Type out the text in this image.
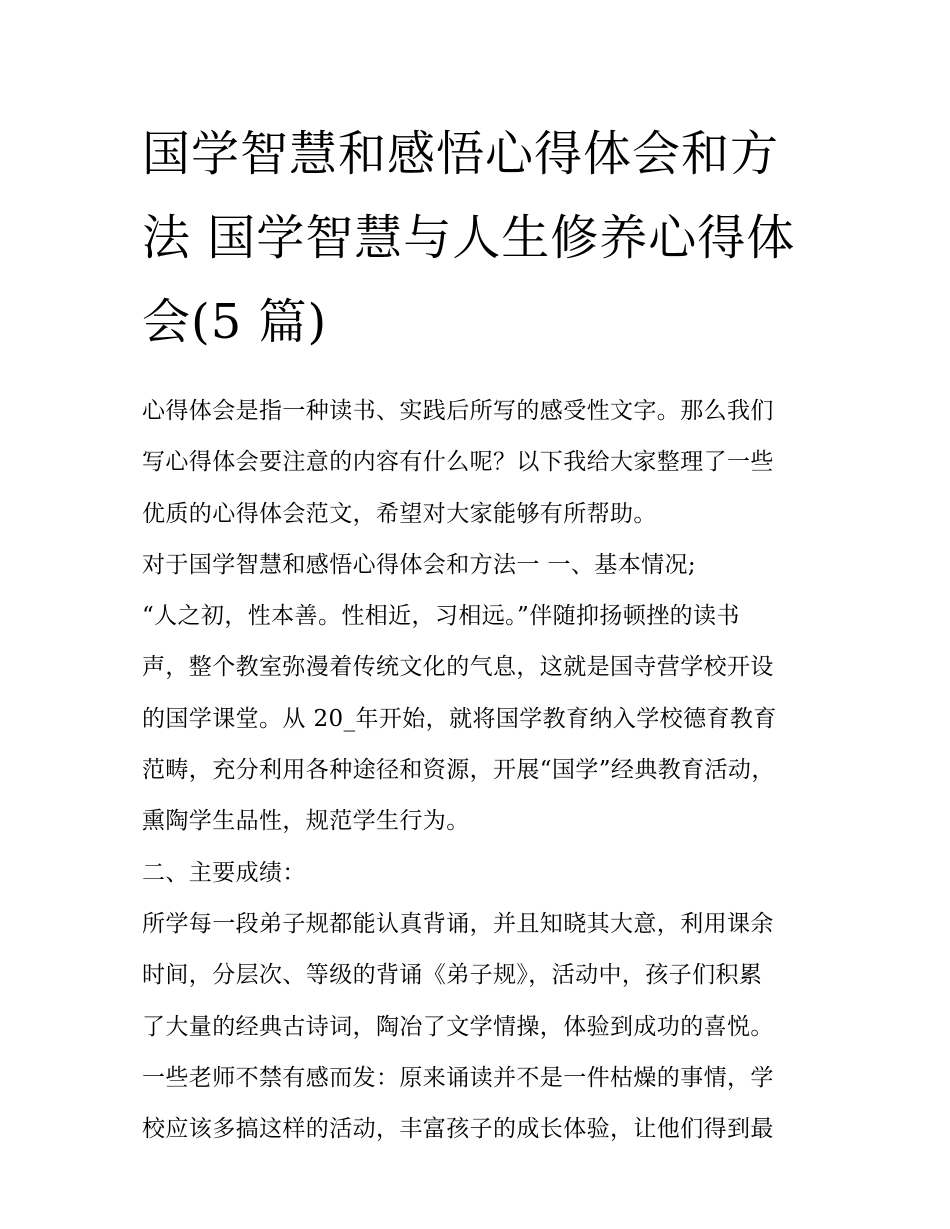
国学智慧和感悟心得体会和方
法 国学智慧与人生修养心得体
会(5 篇)
心得体会是指一种读书、实践后所写的感受性文字。那么我们
写心得体会要注意的内容有什么呢？以下我给大家整理了一些
优质的心得体会范文，希望对大家能够有所帮助。
对于国学智慧和感悟心得体会和方法一 一、基本情况;
“人之初，性本善。性相近，习相远。”伴随抑扬顿挫的读书
声，整个教室弥漫着传统文化的气息，这就是国寺营学校开设
的国学课堂。从 20_年开始，就将国学教育纳入学校德育教育
范畴，充分利用各种途径和资源，开展“国学”经典教育活动，
熏陶学生品性，规范学生行为。
二、主要成绩：
所学每一段弟子规都能认真背诵，并且知晓其大意，利用课余
时间，分层次、等级的背诵《弟子规》，活动中，孩子们积累
了大量的经典古诗词，陶冶了文学情操，体验到成功的喜悦。
一些老师不禁有感而发：原来诵读并不是一件枯燥的事情，学
校应该多搞这样的活动，丰富孩子的成长体验，让他们得到最
